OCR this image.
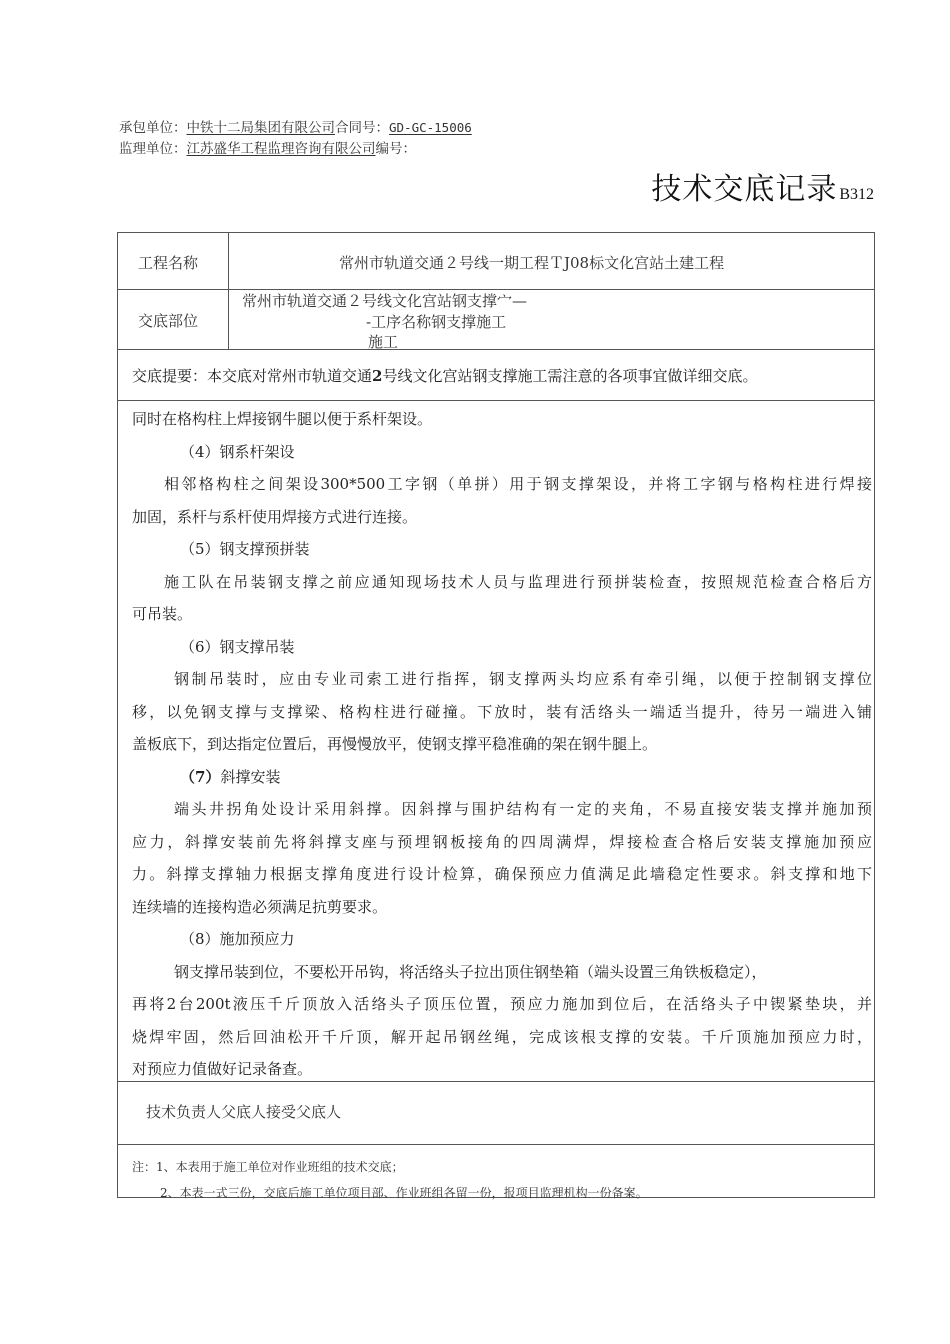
承包单位：中铁十二局集团有限公司合同号：GD-GC-15006
监理单位：江苏盛华工程监理咨询有限公司编号：
技术交底记录 B312
工程名称	常州市轨道交通２号线一期工程ＴJ08标文化宫站土建工程
交底部位
常州市轨道交通２号线文化宫站钢支撑宀—
-工序名称钢支撑施工
施工
交底提要：本交底对常州市轨道交通2号线文化宫站钢支撑施工需注意的各项事宜做详细交底。

同时在格构柱上焊接钢牛腿以便于系杆架设。

（4）钢系杆架设

相邻格构柱之间架设300*500工字钢（单拼）用于钢支撑架设，并将工字钢与格构柱进行焊接

加固，系杆与系杆使用焊接方式进行连接。

（5）钢支撑预拼装

施工队在吊装钢支撑之前应通知现场技术人员与监理进行预拼装检查，按照规范检查合格后方

可吊装。

（6）钢支撑吊装

钢制吊装时，应由专业司索工进行指挥，钢支撑两头均应系有牵引绳，以便于控制钢支撑位

移，以免钢支撑与支撑梁、格构柱进行碰撞。下放时，装有活络头一端适当提升，待另一端进入铺

盖板底下，到达指定位置后，再慢慢放平，使钢支撑平稳准确的架在钢牛腿上。

（7）斜撑安装

端头井拐角处设计采用斜撑。因斜撑与围护结构有一定的夹角，不易直接安装支撑并施加预

应力，斜撑安装前先将斜撑支座与预埋钢板接角的四周满焊，焊接检查合格后安装支撑施加预应

力。斜撑支撑轴力根据支撑角度进行设计检算，确保预应力值满足此墙稳定性要求。斜支撑和地下

连续墙的连接构造必须满足抗剪要求。

（8）施加预应力

钢支撑吊装到位，不要松开吊钩，将活络头子拉出顶住钢垫箱（端头设置三角铁板稳定），

再将2台200t液压千斤顶放入活络头子顶压位置，预应力施加到位后，在活络头子中锲紧垫块，并

烧焊牢固，然后回油松开千斤顶，解开起吊钢丝绳，完成该根支撑的安装。千斤顶施加预应力时，

对预应力值做好记录备查。

技术负责人父底人接受父底人
注：1、本表用于施工单位对作业班组的技术交底；
2、本表一式三份，交底后施工单位项目部、作业班组各留一份，报项目监理机构一份备案。
